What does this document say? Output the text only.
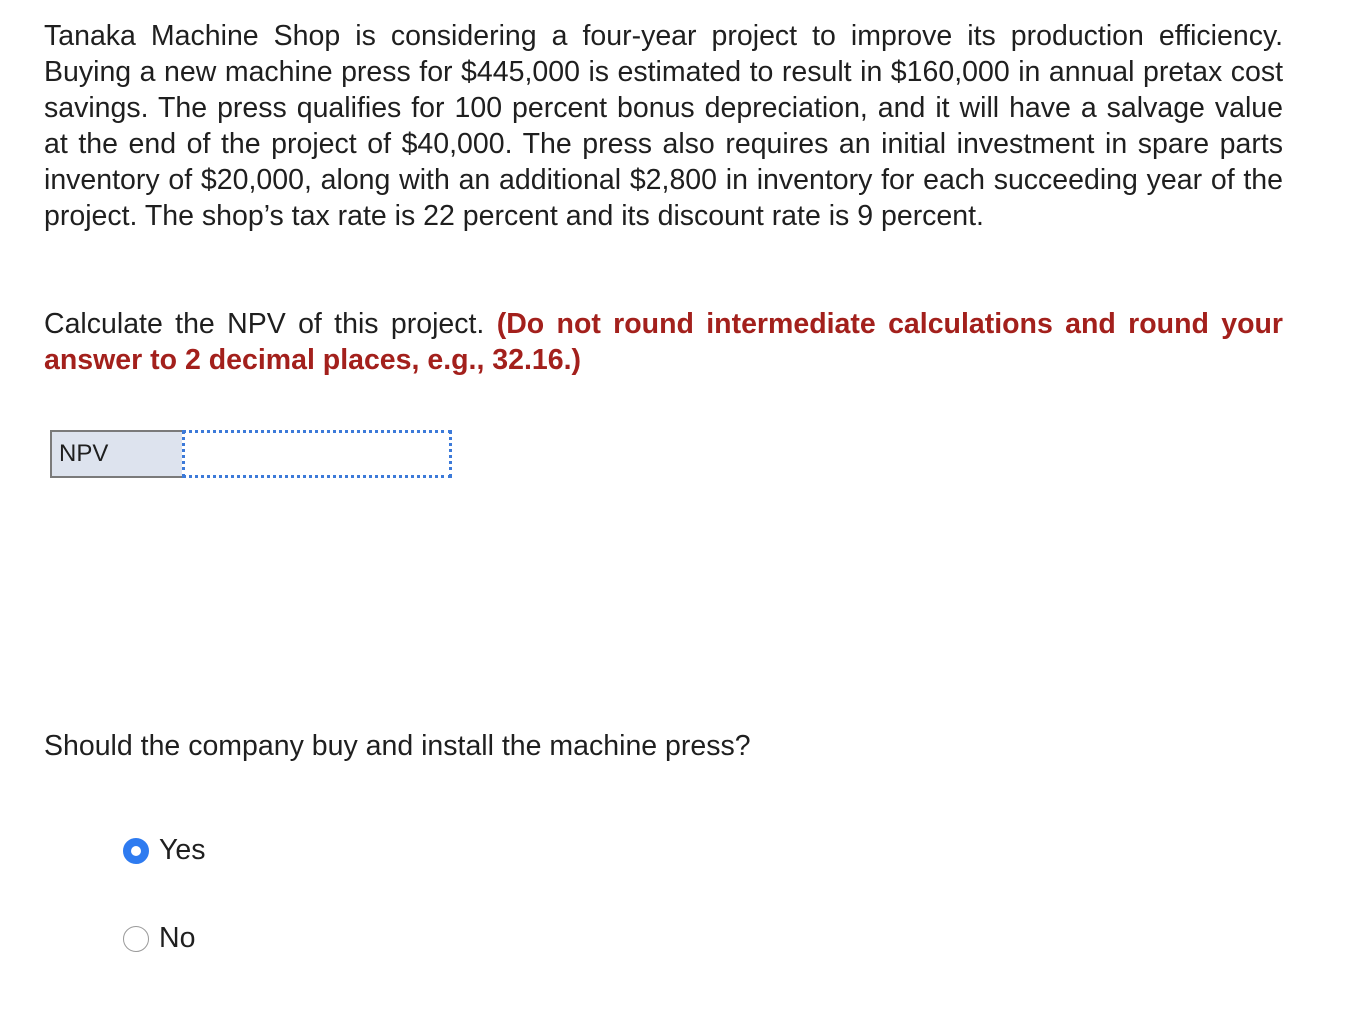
Tanaka Machine Shop is considering a four-year project to improve its production efficiency. Buying a new machine press for $445,000 is estimated to result in $160,000 in annual pretax cost savings. The press qualifies for 100 percent bonus depreciation, and it will have a salvage value at the end of the project of $40,000. The press also requires an initial investment in spare parts inventory of $20,000, along with an additional $2,800 in inventory for each succeeding year of the project. The shop’s tax rate is 22 percent and its discount rate is 9 percent.

Calculate the NPV of this project. (Do not round intermediate calculations and round your answer to 2 decimal places, e.g., 32.16.)

NPV

Should the company buy and install the machine press?

Yes
No
